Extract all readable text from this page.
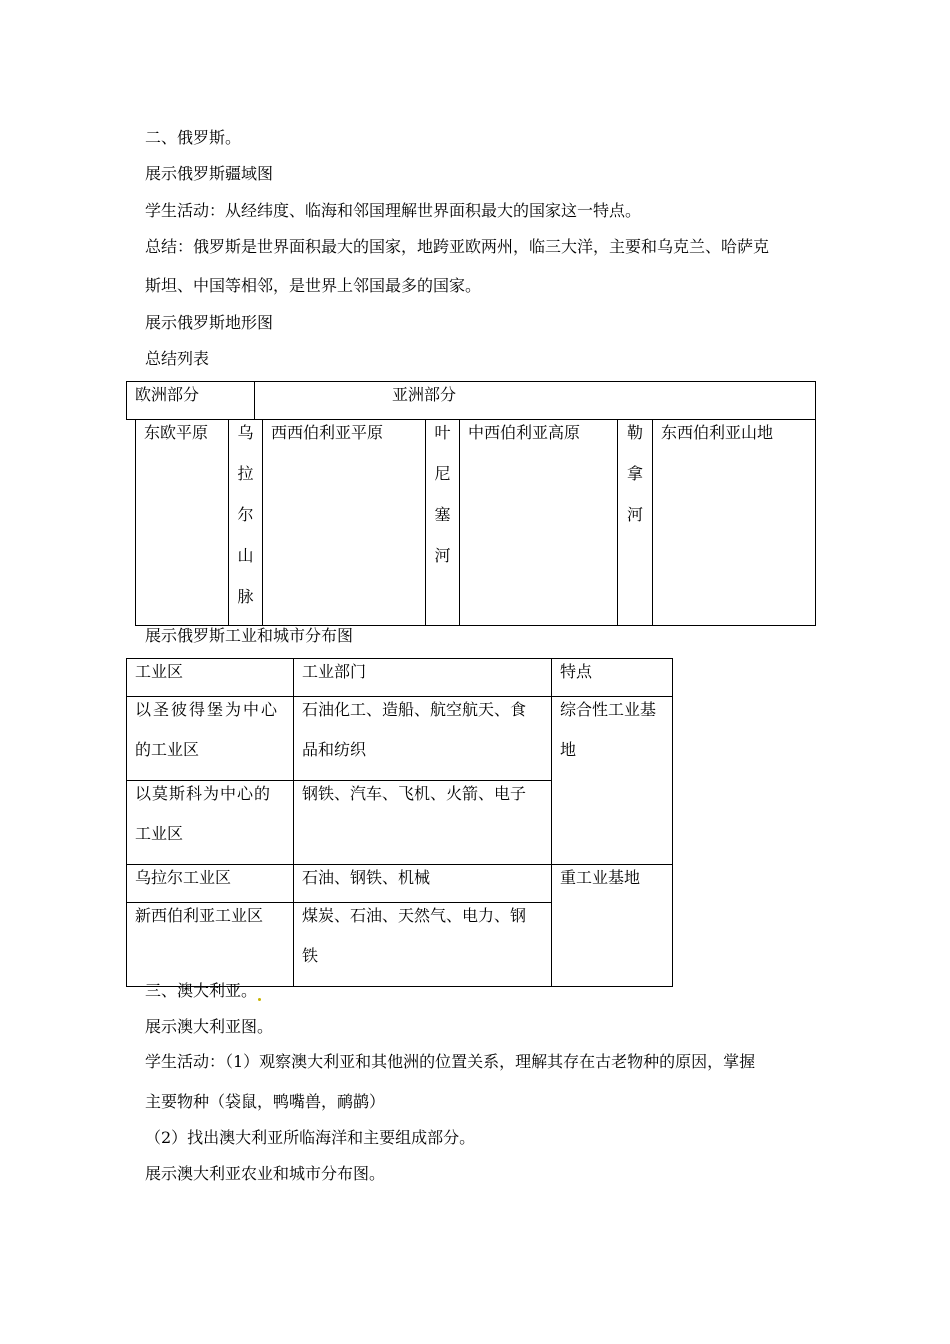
二、俄罗斯。
展示俄罗斯疆域图
学生活动：从经纬度、临海和邻国理解世界面积最大的国家这一特点。
总结：俄罗斯是世界面积最大的国家，地跨亚欧两州，临三大洋，主要和乌克兰、哈萨克
斯坦、中国等相邻，是世界上邻国最多的国家。
展示俄罗斯地形图
总结列表
欧洲部分	亚洲部分
东欧平原	乌
拉
尔
山
脉
	西西伯利亚平原	叶
尼
塞
河
	中西伯利亚高原	勒
拿
河
	东西伯利亚山地
展示俄罗斯工业和城市分布图
工业区	工业部门	特点

以圣彼得堡为中心
的工业区	石油化工、造船、航空航天、食
品和纺织	综合性工业基
地

以莫斯科为中心的
工业区	钢铁、汽车、飞机、火箭、电子	

乌拉尔工业区	石油、钢铁、机械	重工业基地
新西伯利亚工业区	煤炭、石油、天然气、电力、钢
铁	
三、澳大利亚。
展示澳大利亚图。
学生活动：（1）观察澳大利亚和其他洲的位置关系，理解其存在古老物种的原因，掌握
主要物种（袋鼠，鸭嘴兽，鸸鹋）
（2）找出澳大利亚所临海洋和主要组成部分。
展示澳大利亚农业和城市分布图。
